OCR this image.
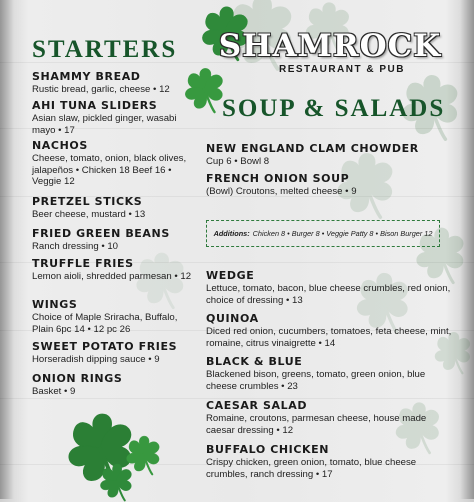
SHAMROCK
RESTAURANT & PUB
STARTERS
SOUP & SALADS
SHAMMY BREAD
Rustic bread, garlic, cheese • 12
AHI TUNA SLIDERS
Asian slaw, pickled ginger, wasabi mayo • 17
NACHOS
Cheese, tomato, onion, black olives, jalapeños • Chicken 18 Beef 16 • Veggie 12
PRETZEL STICKS
Beer cheese, mustard • 13
FRIED GREEN BEANS
Ranch dressing • 10
TRUFFLE FRIES
Lemon aioli, shredded parmesan • 12
WINGS
Choice of Maple Sriracha, Buffalo, Plain 6pc 14 • 12 pc 26
SWEET POTATO FRIES
Horseradish dipping sauce • 9
ONION RINGS
Basket • 9
NEW ENGLAND CLAM CHOWDER
Cup 6 • Bowl 8
FRENCH ONION SOUP
(Bowl) Croutons, melted cheese • 9
Additions: Chicken 8 • Burger 8 • Veggie Patty 8 • Bison Burger 12
WEDGE
Lettuce, tomato, bacon, blue cheese crumbles, red onion, choice of dressing • 13
QUINOA
Diced red onion, cucumbers, tomatoes, feta cheese, mint, romaine, citrus vinaigrette • 14
BLACK & BLUE
Blackened bison, greens, tomato, green onion, blue cheese crumbles • 23
CAESAR SALAD
Romaine, croutons, parmesan cheese, house made caesar dressing • 12
BUFFALO CHICKEN
Crispy chicken, green onion, tomato, blue cheese crumbles, ranch dressing • 17
